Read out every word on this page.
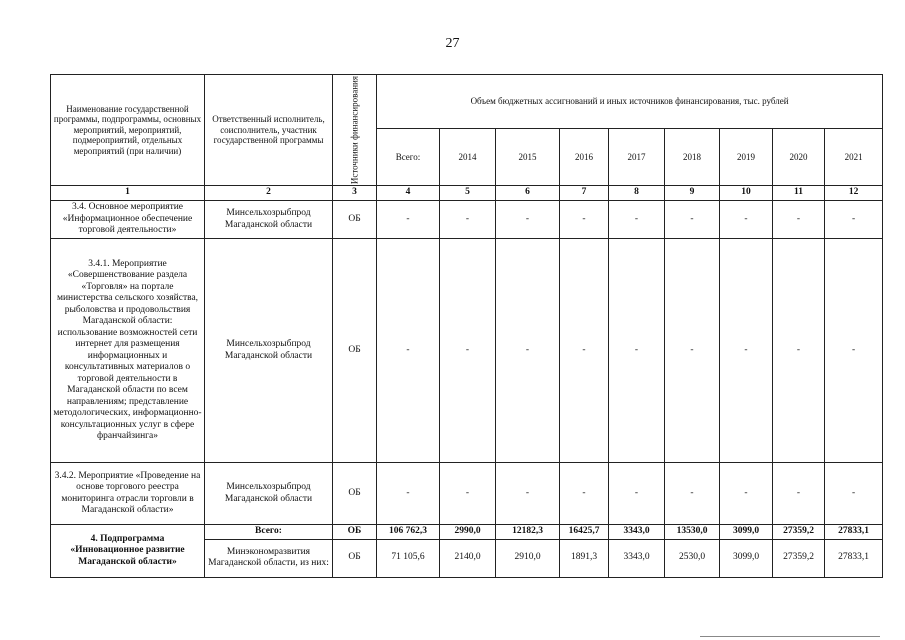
27
Наименование государственной программы, подпрограммы, основных мероприятий, мероприятий, подмероприятий, отдельных мероприятий (при наличии)	Ответственный исполнитель, соисполнитель, участник государственной программы	Источники финансирования	Объем бюджетных ассигнований и иных источников финансирования, тыс. рублей								
			Всего:	2014	2015	2016	2017	2018	2019	2020	2021
1	2	3	4	5	6	7	8	9	10	11	12
3.4. Основное мероприятие «Информационное обеспечение торговой деятельности»	Минсельхозрыбпрод Магаданской области	ОБ	-	-	-	-	-	-	-	-	-
3.4.1. Мероприятие «Совершенствование раздела «Торговля» на портале министерства сельского хозяйства, рыболовства и продовольствия Магаданской области: использование возможностей сети интернет для размещения информационных и консультативных материалов о торговой деятельности в Магаданской области по всем направлениям; представление методологических, информационно-консультационных услуг в сфере франчайзинга»	Минсельхозрыбпрод Магаданской области	ОБ	-	-	-	-	-	-	-	-	-
3.4.2. Мероприятие «Проведение на основе торгового реестра мониторинга отрасли торговли в Магаданской области»	Минсельхозрыбпрод Магаданской области	ОБ	-	-	-	-	-	-	-	-	-
4. Подпрограмма «Инновационное развитие Магаданской области»	Всего:	ОБ	106 762,3	2990,0	12182,3	16425,7	3343,0	13530,0	3099,0	27359,2	27833,1
	Минэкономразвития Магаданской области, из них:	ОБ	71 105,6	2140,0	2910,0	1891,3	3343,0	2530,0	3099,0	27359,2	27833,1
